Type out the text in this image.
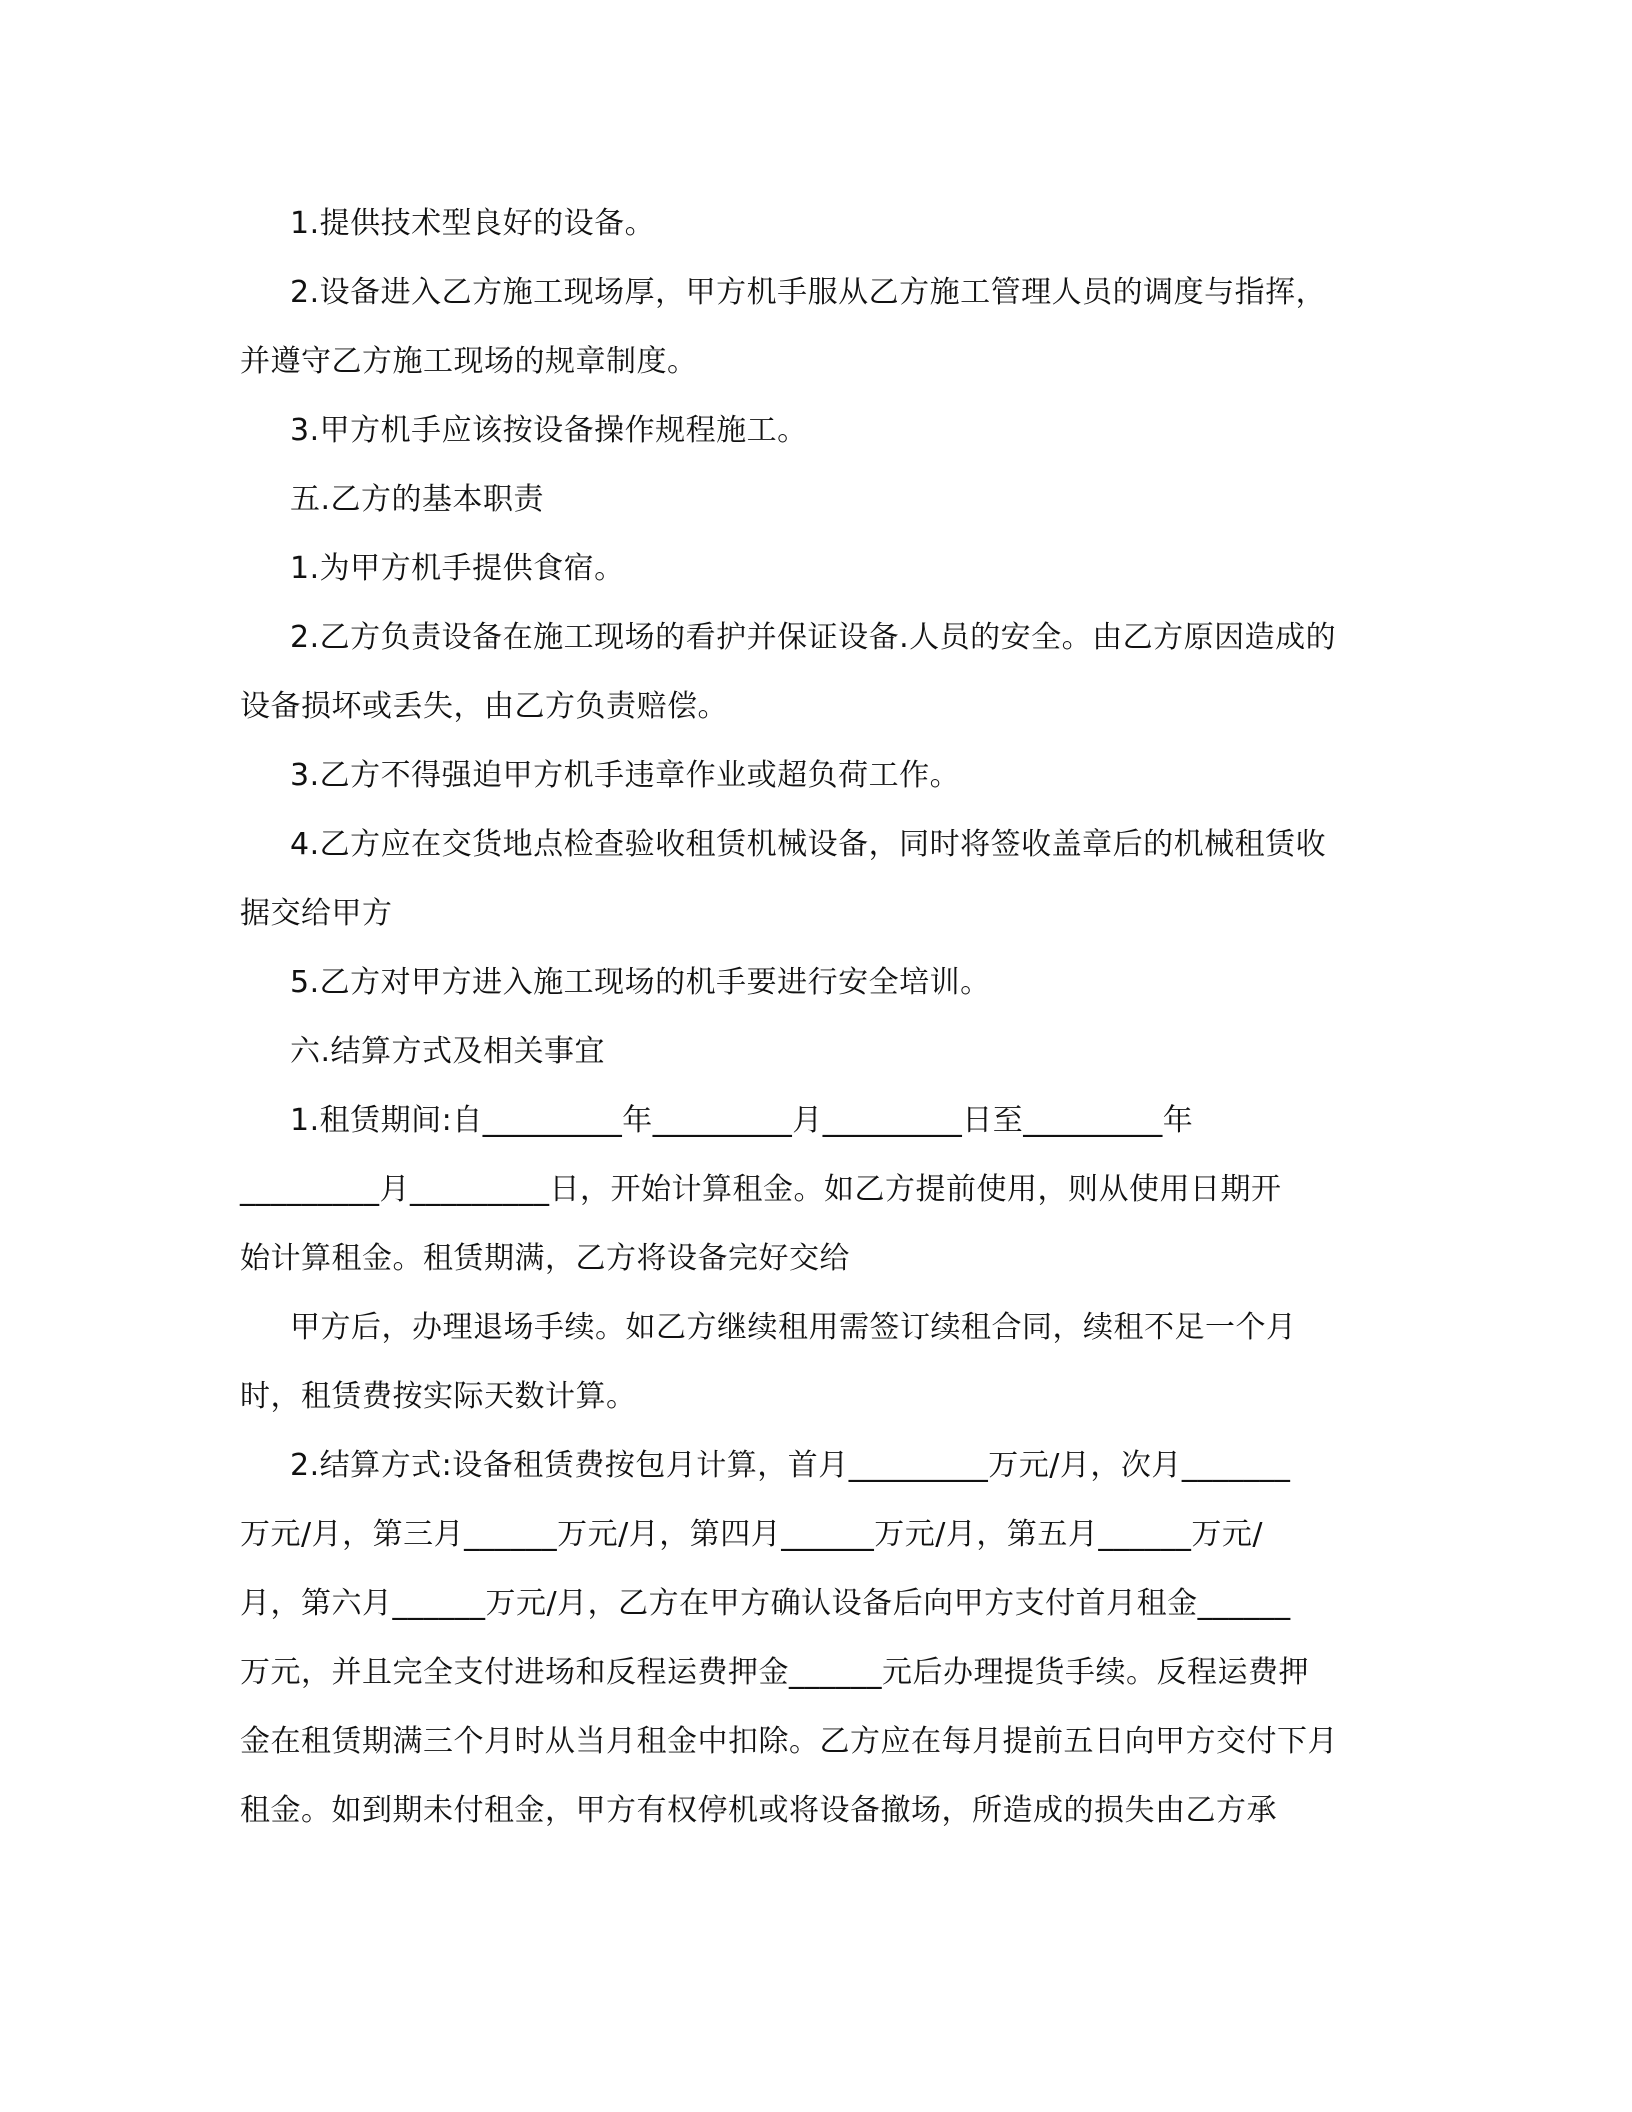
1.提供技术型良好的设备。
2.设备进入乙方施工现场厚，甲方机手服从乙方施工管理人员的调度与指挥，
并遵守乙方施工现场的规章制度。
3.甲方机手应该按设备操作规程施工。
五.乙方的基本职责
1.为甲方机手提供食宿。
2.乙方负责设备在施工现场的看护并保证设备.人员的安全。由乙方原因造成的
设备损坏或丢失，由乙方负责赔偿。
3.乙方不得强迫甲方机手违章作业或超负荷工作。
4.乙方应在交货地点检查验收租赁机械设备，同时将签收盖章后的机械租赁收
据交给甲方
5.乙方对甲方进入施工现场的机手要进行安全培训。
六.结算方式及相关事宜
1.租赁期间:自_________年_________月_________日至_________年
_________月_________日，开始计算租金。如乙方提前使用，则从使用日期开
始计算租金。租赁期满，乙方将设备完好交给
甲方后，办理退场手续。如乙方继续租用需签订续租合同，续租不足一个月
时，租赁费按实际天数计算。
2.结算方式:设备租赁费按包月计算，首月_________万元/月，次月_______
万元/月，第三月______万元/月，第四月______万元/月，第五月______万元/
月，第六月______万元/月，乙方在甲方确认设备后向甲方支付首月租金______
万元，并且完全支付进场和反程运费押金______元后办理提货手续。反程运费押
金在租赁期满三个月时从当月租金中扣除。乙方应在每月提前五日向甲方交付下月
租金。如到期未付租金，甲方有权停机或将设备撤场，所造成的损失由乙方承
